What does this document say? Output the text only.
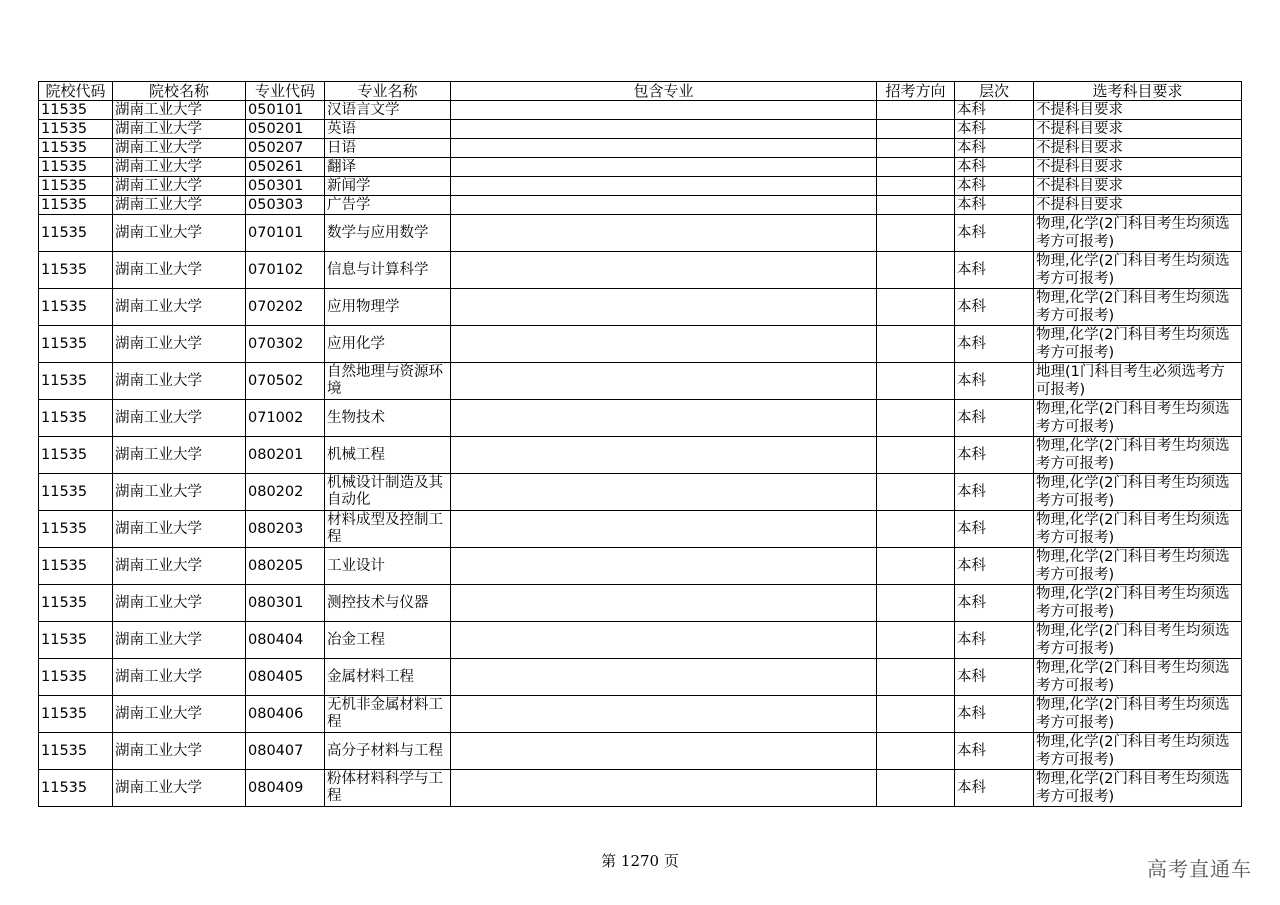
院校代码	院校名称	专业代码	专业名称	包含专业	招考方向	层次	选考科目要求
11535	湖南工业大学	050101	汉语言文学			本科	不提科目要求
11535	湖南工业大学	050201	英语			本科	不提科目要求
11535	湖南工业大学	050207	日语			本科	不提科目要求
11535	湖南工业大学	050261	翻译			本科	不提科目要求
11535	湖南工业大学	050301	新闻学			本科	不提科目要求
11535	湖南工业大学	050303	广告学			本科	不提科目要求
11535	湖南工业大学	070101	数学与应用数学			本科	物理,化学(2门科目考生均须选考方可报考)
11535	湖南工业大学	070102	信息与计算科学			本科	物理,化学(2门科目考生均须选考方可报考)
11535	湖南工业大学	070202	应用物理学			本科	物理,化学(2门科目考生均须选考方可报考)
11535	湖南工业大学	070302	应用化学			本科	物理,化学(2门科目考生均须选考方可报考)
11535	湖南工业大学	070502	自然地理与资源环境			本科	地理(1门科目考生必须选考方可报考)
11535	湖南工业大学	071002	生物技术			本科	物理,化学(2门科目考生均须选考方可报考)
11535	湖南工业大学	080201	机械工程			本科	物理,化学(2门科目考生均须选考方可报考)
11535	湖南工业大学	080202	机械设计制造及其自动化			本科	物理,化学(2门科目考生均须选考方可报考)
11535	湖南工业大学	080203	材料成型及控制工程			本科	物理,化学(2门科目考生均须选考方可报考)
11535	湖南工业大学	080205	工业设计			本科	物理,化学(2门科目考生均须选考方可报考)
11535	湖南工业大学	080301	测控技术与仪器			本科	物理,化学(2门科目考生均须选考方可报考)
11535	湖南工业大学	080404	冶金工程			本科	物理,化学(2门科目考生均须选考方可报考)
11535	湖南工业大学	080405	金属材料工程			本科	物理,化学(2门科目考生均须选考方可报考)
11535	湖南工业大学	080406	无机非金属材料工程			本科	物理,化学(2门科目考生均须选考方可报考)
11535	湖南工业大学	080407	高分子材料与工程			本科	物理,化学(2门科目考生均须选考方可报考)
11535	湖南工业大学	080409	粉体材料科学与工程			本科	物理,化学(2门科目考生均须选考方可报考)
第 1270 页	高考直通车
